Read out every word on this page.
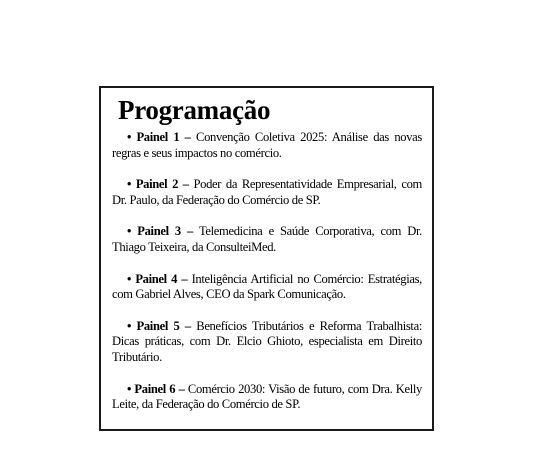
Programação

• Painel 1 – Convenção Coletiva 2025: Análise das novas regras e seus impactos no comércio.

• Painel 2 – Poder da Representatividade Empresarial, com Dr. Paulo, da Federação do Comércio de SP.

• Painel 3 – Telemedicina e Saúde Corporativa, com Dr. Thiago Teixeira, da ConsulteiMed.

• Painel 4 – Inteligência Artificial no Comércio: Estratégias, com Gabriel Alves, CEO da Spark Comunicação.

• Painel 5 – Benefícios Tributários e Reforma Trabalhista: Dicas práticas, com Dr. Elcio Ghioto, especialista em Direito Tributário.

• Painel 6 – Comércio 2030: Visão de futuro, com Dra. Kelly Leite, da Federação do Comércio de SP.
